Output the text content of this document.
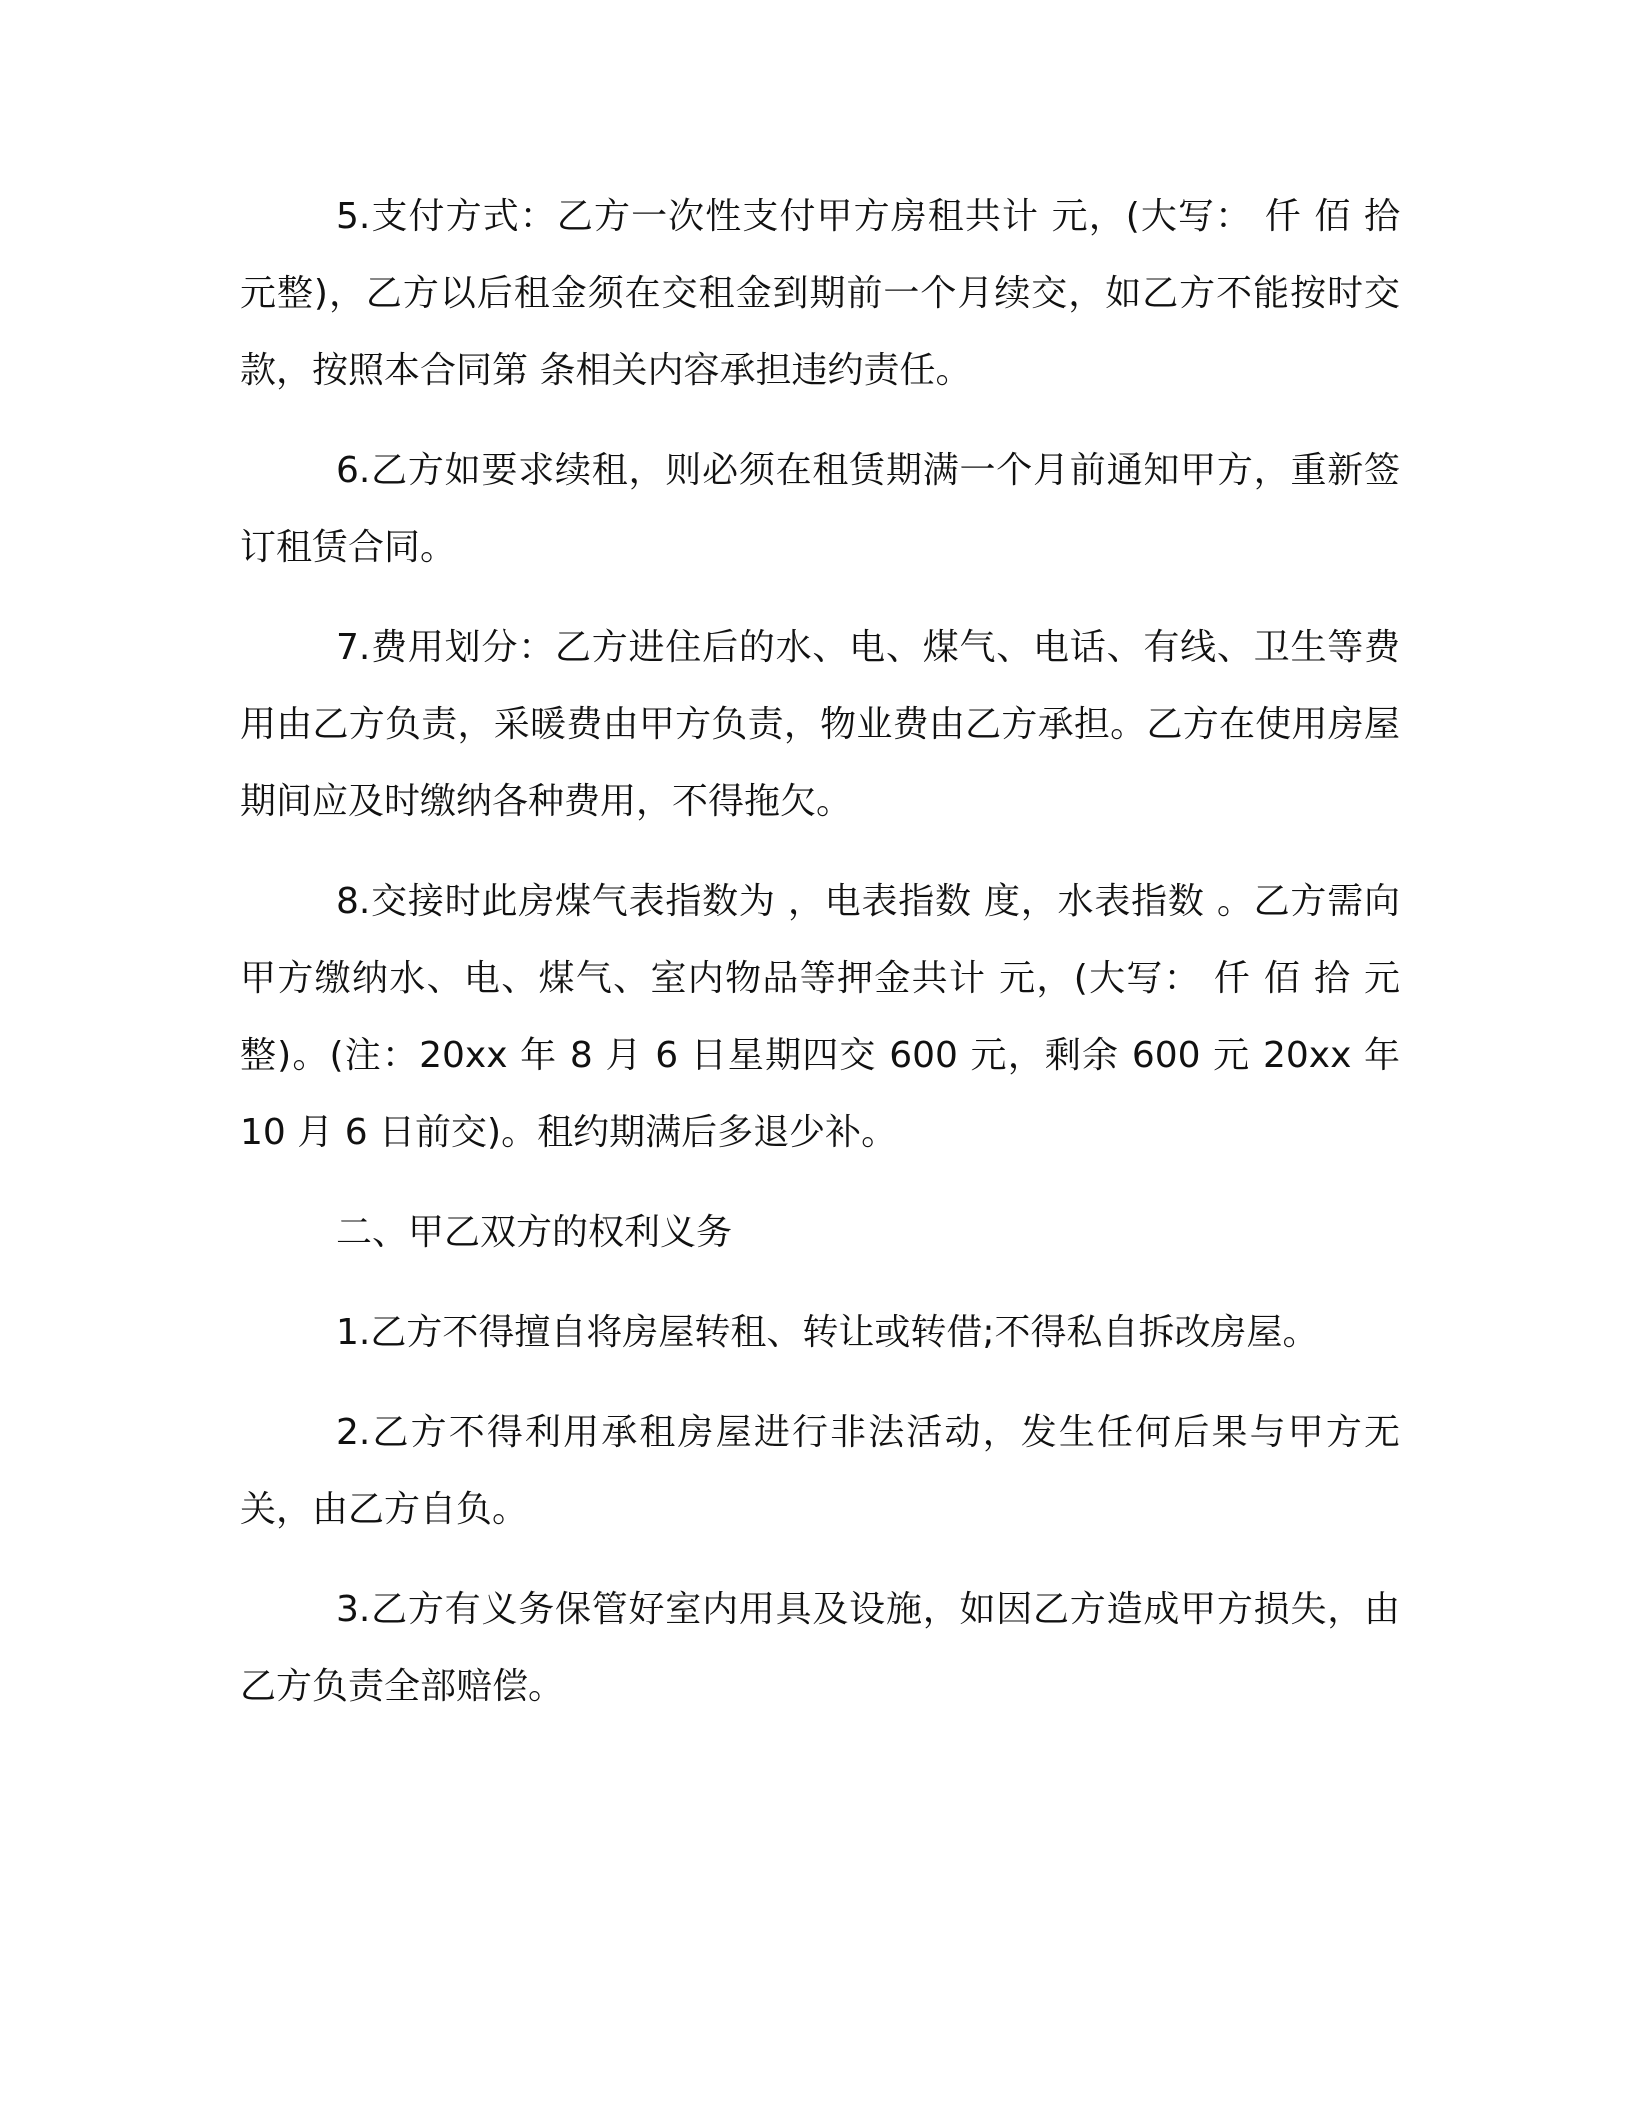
5.支付方式：乙方一次性支付甲方房租共计 元，(大写： 仟 佰 拾 元整)，乙方以后租金须在交租金到期前一个月续交，如乙方不能按时交款，按照本合同第 条相关内容承担违约责任。

6.乙方如要求续租，则必须在租赁期满一个月前通知甲方，重新签订租赁合同。

7.费用划分：乙方进住后的水、电、煤气、电话、有线、卫生等费用由乙方负责，采暖费由甲方负责，物业费由乙方承担。乙方在使用房屋期间应及时缴纳各种费用，不得拖欠。

8.交接时此房煤气表指数为 ，电表指数 度，水表指数 。乙方需向甲方缴纳水、电、煤气、室内物品等押金共计 元，(大写： 仟 佰 拾 元整)。(注：20xx 年 8 月 6 日星期四交 600 元，剩余 600 元 20xx 年 10 月 6 日前交)。租约期满后多退少补。

二、甲乙双方的权利义务

1.乙方不得擅自将房屋转租、转让或转借;不得私自拆改房屋。

2.乙方不得利用承租房屋进行非法活动，发生任何后果与甲方无关，由乙方自负。

3.乙方有义务保管好室内用具及设施，如因乙方造成甲方损失，由乙方负责全部赔偿。
